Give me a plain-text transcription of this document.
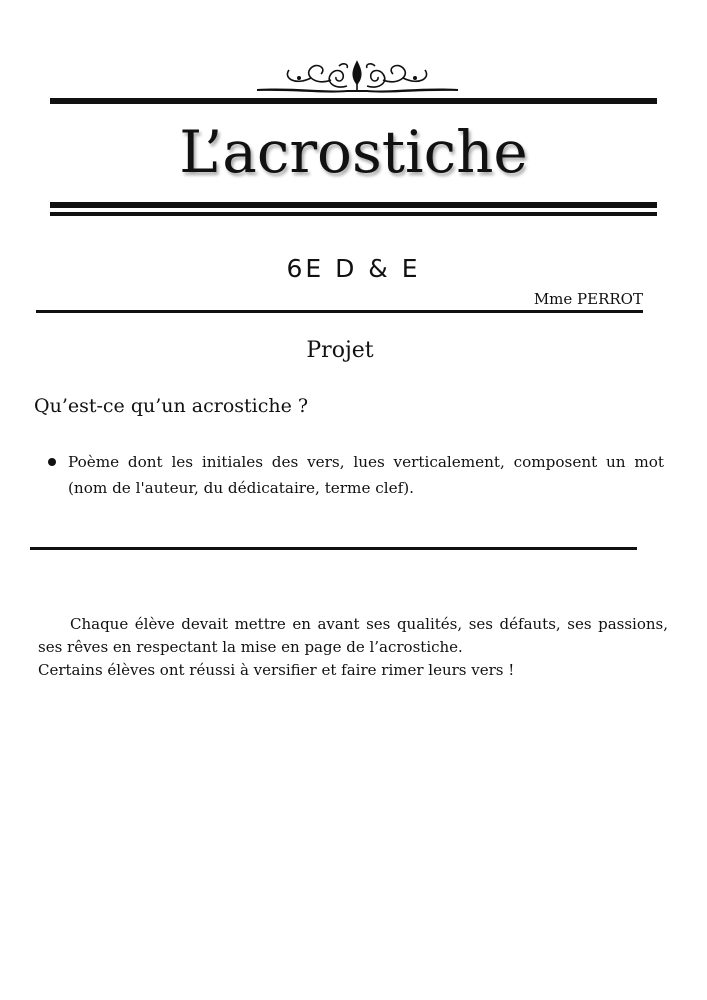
L’acrostiche
6E D & E
Mme PERROT
Projet
Qu’est-ce qu’un acrostiche ?
Poème dont les initiales des vers, lues verticalement, composent un mot (nom de l'auteur, du dédicataire, terme clef).

Chaque élève devait mettre en avant ses qualités, ses défauts, ses passions, ses rêves en respectant la mise en page de l’acrostiche.

Certains élèves ont réussi à versifier et faire rimer leurs vers !
